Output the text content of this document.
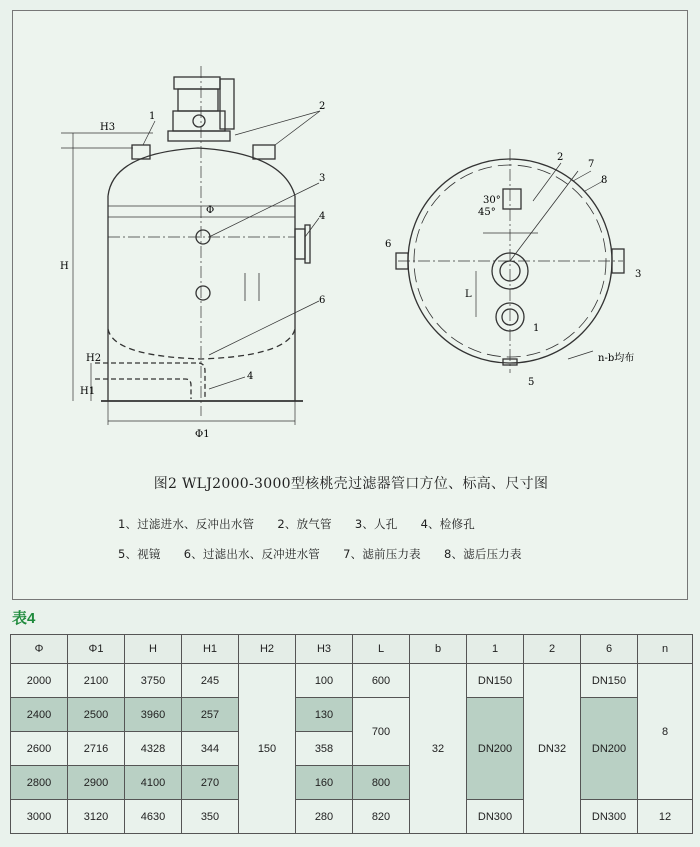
H3
H
H2
H1
Φ
Φ1
1
2
3
4
6
4
2
7
8
3
6
1
5
30°
45°
L
n-b均布
图2 WLJ2000-3000型核桃壳过滤器管口方位、标高、尺寸图
1、过滤进水、反冲出水管 2、放气管 3、人孔 4、检修孔
5、视镜 6、过滤出水、反冲进水管 7、滤前压力表 8、滤后压力表
表4
Φ	Φ1	H	H1	H2	H3	L	b	1	2	6	n
2000	2100	3750	245	150	100	600	32	DN150	DN32	DN150	8
2400	2500	3960	257		130	700		DN200		DN200	
2600	2716	4328	344		358						
2800	2900	4100	270		160	800					
3000	3120	4630	350		280	820		DN300		DN300	12
